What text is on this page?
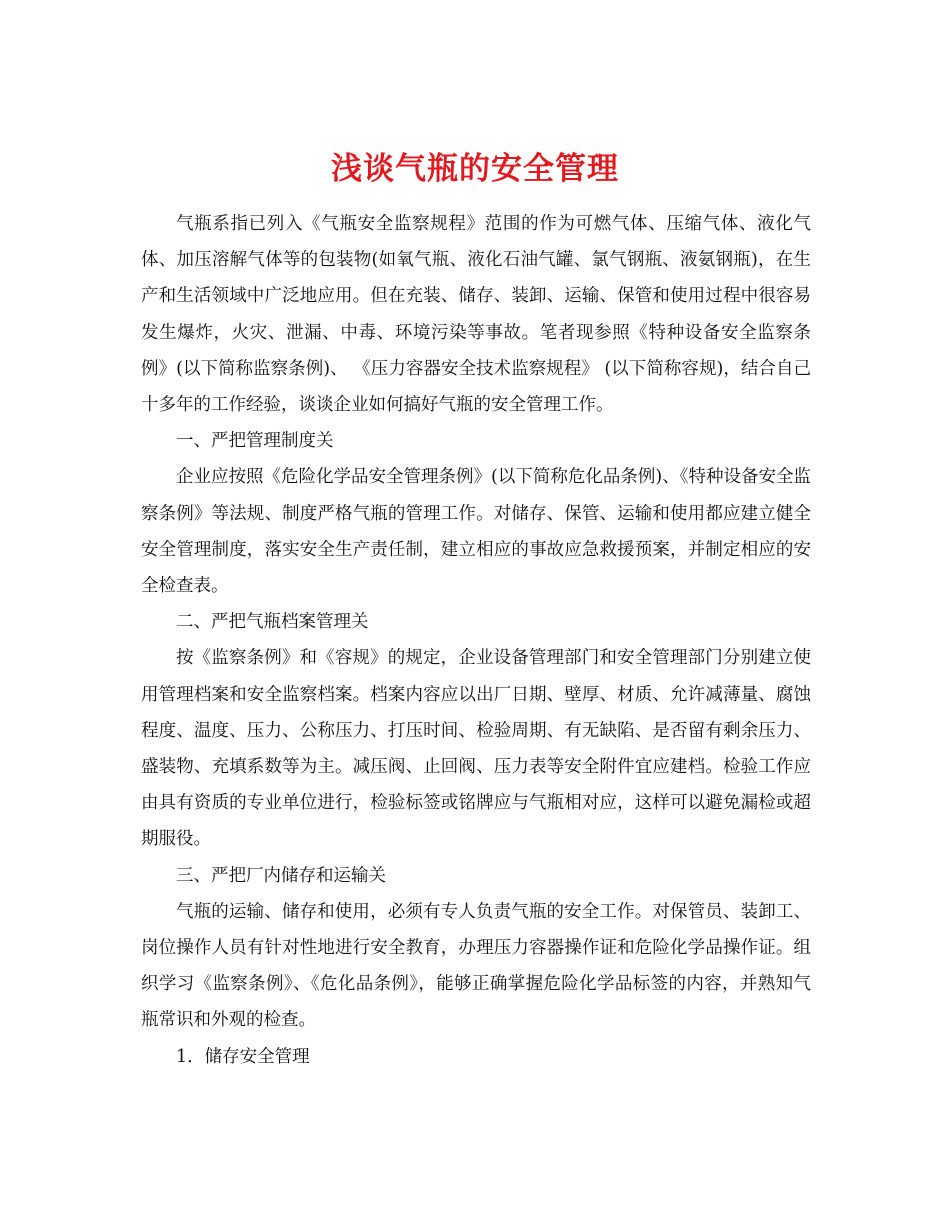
浅谈气瓶的安全管理

气瓶系指已列入《气瓶安全监察规程》范围的作为可燃气体、压缩气体、液化气体、加压溶解气体等的包装物(如氧气瓶、液化石油气罐、氯气钢瓶、液氨钢瓶)，在生产和生活领域中广泛地应用。但在充装、储存、装卸、运输、保管和使用过程中很容易发生爆炸，火灾、泄漏、中毒、环境污染等事故。笔者现参照《特种设备安全监察条例》(以下简称监察条例)、 《压力容器安全技术监察规程》 (以下简称容规)，结合自己十多年的工作经验，谈谈企业如何搞好气瓶的安全管理工作。

一、严把管理制度关

企业应按照《危险化学品安全管理条例》(以下简称危化品条例)、《特种设备安全监察条例》等法规、制度严格气瓶的管理工作。对储存、保管、运输和使用都应建立健全安全管理制度，落实安全生产责任制，建立相应的事故应急救援预案，并制定相应的安全检查表。

二、严把气瓶档案管理关

按《监察条例》和《容规》的规定，企业设备管理部门和安全管理部门分别建立使用管理档案和安全监察档案。档案内容应以出厂日期、壁厚、材质、允许减薄量、腐蚀程度、温度、压力、公称压力、打压时间、检验周期、有无缺陷、是否留有剩余压力、盛装物、充填系数等为主。减压阀、止回阀、压力表等安全附件宜应建档。检验工作应由具有资质的专业单位进行，检验标签或铭牌应与气瓶相对应，这样可以避免漏检或超期服役。

三、严把厂内储存和运输关

气瓶的运输、储存和使用，必须有专人负责气瓶的安全工作。对保管员、装卸工、岗位操作人员有针对性地进行安全教育，办理压力容器操作证和危险化学品操作证。组织学习《监察条例》、《危化品条例》，能够正确掌握危险化学品标签的内容，并熟知气瓶常识和外观的检查。

1．储存安全管理
